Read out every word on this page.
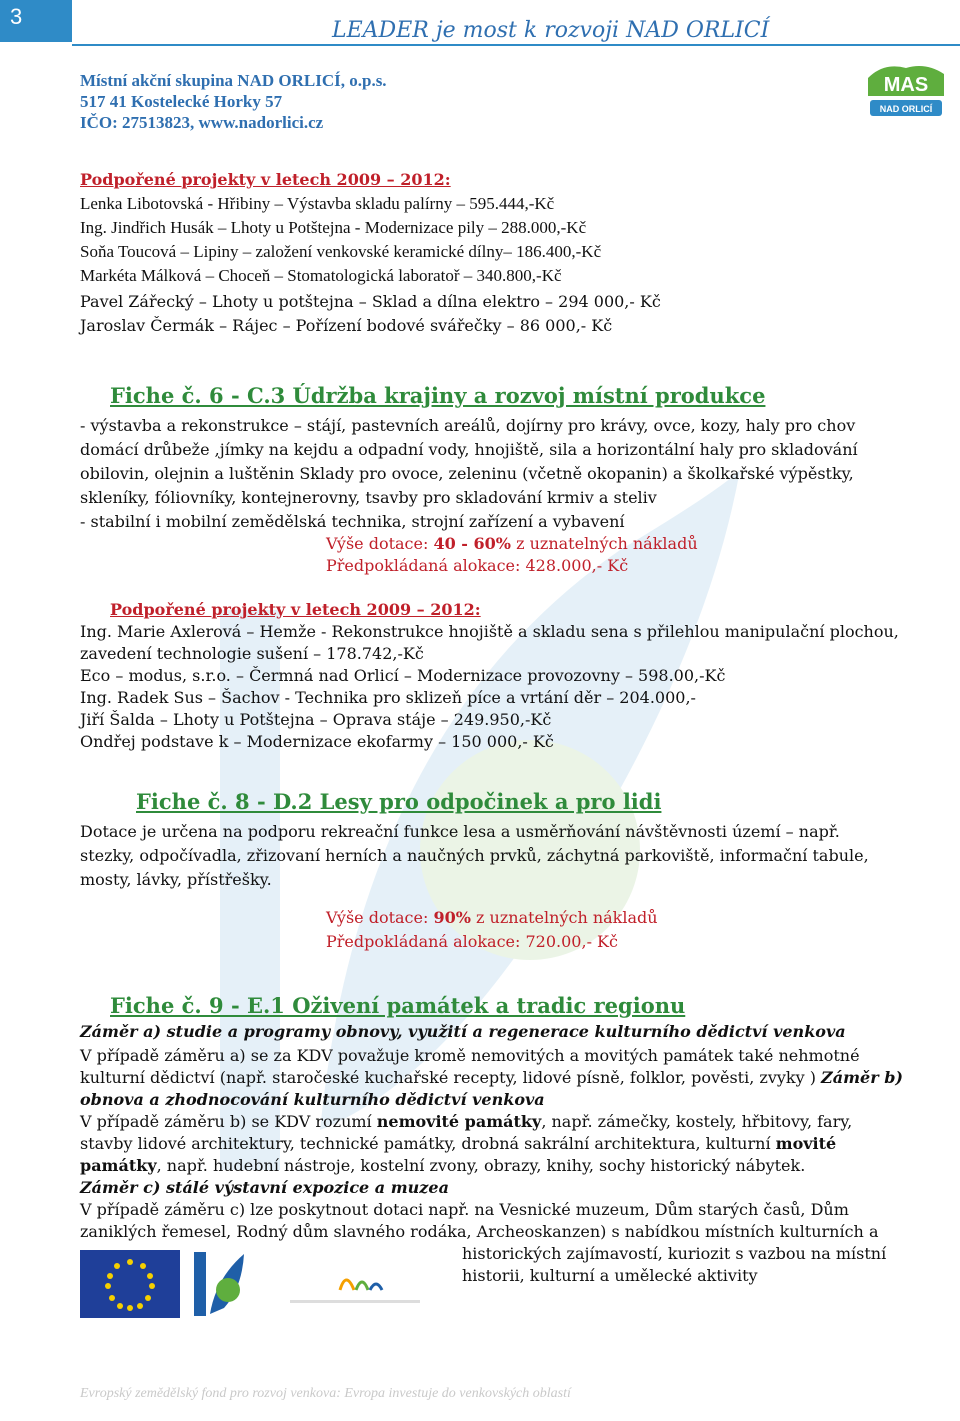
3
LEADER je most k rozvoji NAD ORLICÍ
Místní akční skupina NAD ORLICÍ, o.p.s.
517 41 Kostelecké Horky 57
IČO: 27513823, www.nadorlici.cz
MAS
NAD ORLICÍ
Podpořené projekty v letech 2009 – 2012:
Lenka Libotovská - Hřibiny – Výstavba skladu palírny – 595.444,-Kč
Ing. Jindřich Husák – Lhoty u Potštejna - Modernizace pily – 288.000,-Kč
Soňa Toucová – Lipiny – založení venkovské keramické dílny– 186.400,-Kč
Markéta Málková – Choceň – Stomatologická laboratoř – 340.800,-Kč
Pavel Zářecký – Lhoty u potštejna – Sklad a dílna elektro – 294 000,- Kč
Jaroslav Čermák – Rájec – Pořízení bodové svářečky – 86 000,- Kč
Fiche č. 6 - C.3 Údržba krajiny a rozvoj místní produkce
- výstavba a rekonstrukce – stájí, pastevních areálů, dojírny pro krávy, ovce, kozy, haly pro chov
domácí drůbeže ,jímky na kejdu a odpadní vody, hnojiště, sila a horizontální haly pro skladování
obilovin, olejnin a luštěnin Sklady pro ovoce, zeleninu (včetně okopanin) a školkařské výpěstky,
skleníky, fóliovníky, kontejnerovny, tsavby pro skladování krmiv a steliv
- stabilní i mobilní zemědělská technika, strojní zařízení a vybavení
Výše dotace: 40 - 60% z uznatelných nákladů
Předpokládaná alokace: 428.000,- Kč
Podpořené projekty v letech 2009 – 2012:
Ing. Marie Axlerová – Hemže - Rekonstrukce hnojiště a skladu sena s přilehlou manipulační plochou,
zavedení technologie sušení – 178.742,-Kč
Eco – modus, s.r.o. – Čermná nad Orlicí – Modernizace provozovny – 598.00,-Kč
Ing. Radek Sus – Šachov - Technika pro sklizeň píce a vrtání děr – 204.000,-
Jiří Šalda – Lhoty u Potštejna – Oprava stáje – 249.950,-Kč
Ondřej podstave k – Modernizace ekofarmy – 150 000,- Kč
Fiche č. 8 - D.2 Lesy pro odpočinek a pro lidi
Dotace je určena na podporu rekreační funkce lesa a usměrňování návštěvnosti území – např.
stezky, odpočívadla, zřizovaní herních a naučných prvků, záchytná parkoviště, informační tabule,
mosty, lávky, přístřešky.
Výše dotace: 90% z uznatelných nákladů
Předpokládaná alokace: 720.00,- Kč
Fiche č. 9 - E.1 Oživení památek a tradic regionu
Záměr a) studie a programy obnovy, využití a regenerace kulturního dědictví venkova
V případě záměru a) se za KDV považuje kromě nemovitých a movitých památek také nehmotné
kulturní dědictví (např. staročeské kuchařské recepty, lidové písně, folklor, pověsti, zvyky ) Záměr b)
obnova a zhodnocování kulturního dědictví venkova
V případě záměru b) se KDV rozumí nemovité památky, např. zámečky, kostely, hřbitovy, fary,
stavby lidové architektury, technické památky, drobná sakrální architektura, kulturní movité
památky, např. hudební nástroje, kostelní zvony, obrazy, knihy, sochy historický nábytek.
Záměr c) stálé výstavní expozice a muzea
V případě záměru c) lze poskytnout dotaci např. na Vesnické muzeum, Dům starých časů, Dům
zaniklých řemesel, Rodný dům slavného rodáka, Archeoskanzen) s nabídkou místních kulturních a
historických zajímavostí, kuriozit s vazbou na místní
historii, kulturní a umělecké aktivity
Evropský zemědělský fond pro rozvoj venkova: Evropa investuje do venkovských oblastí
